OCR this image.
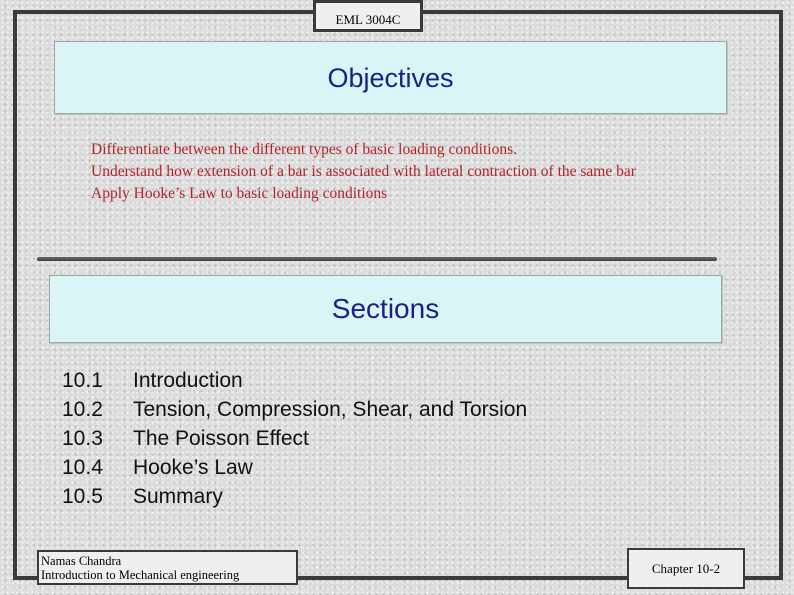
EML 3004C
Objectives
Differentiate between the different types of basic loading conditions.
Understand how extension of a bar is associated with lateral contraction of the same bar
Apply Hooke’s Law to basic loading conditions
Sections
10.1 Introduction
10.2 Tension, Compression, Shear, and Torsion
10.3 The Poisson Effect
10.4 Hooke’s Law
10.5 Summary
Namas Chandra
Introduction to Mechanical engineering	Chapter 10-2
